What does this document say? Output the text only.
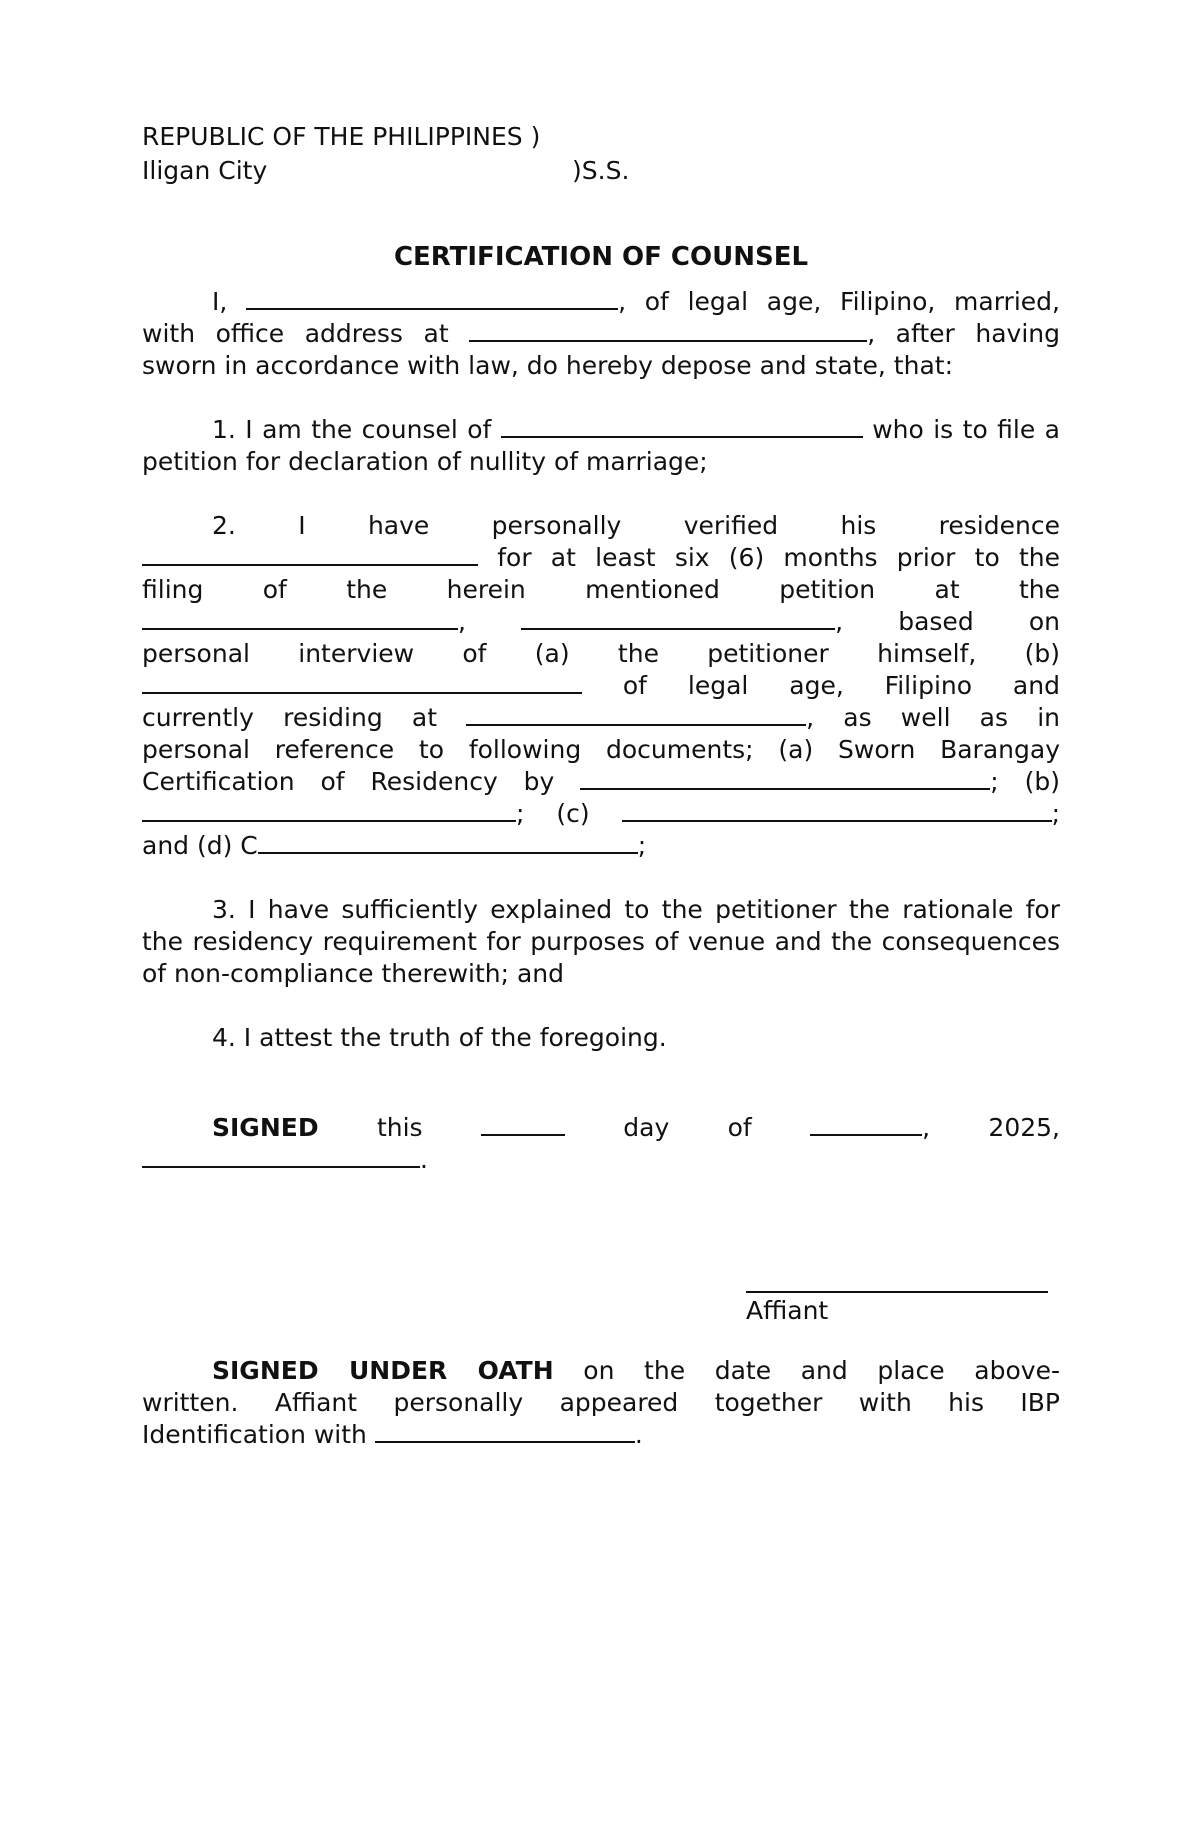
REPUBLIC OF THE PHILIPPINES )
Iligan City	)S.S.
CERTIFICATION OF COUNSEL
I,	, of legal age, Filipino, married,
with office address at	, after having
sworn in accordance with law, do hereby depose and state, that:
1. I am the counsel of	who is to file a
petition for declaration of nullity of marriage;
2. I have personally verified his residence
for at least six (6) months prior to the
filing of the herein mentioned petition at the
,	, based on
personal interview of (a) the petitioner himself, (b)
of legal age, Filipino and
currently residing at	, as well as in
personal reference to following documents; (a) Sworn Barangay
Certification of Residency by	; (b)
; (c)	;
and (d) C	;
3. I have sufficiently explained to the petitioner the rationale for the residency requirement for purposes of venue and the consequences of non-compliance therewith; and
4. I attest the truth of the foregoing.
SIGNED this	day of	, 2025,
.
Affiant
SIGNED UNDER OATH on the date and place above-
written. Affiant personally appeared together with his IBP
Identification with	.
